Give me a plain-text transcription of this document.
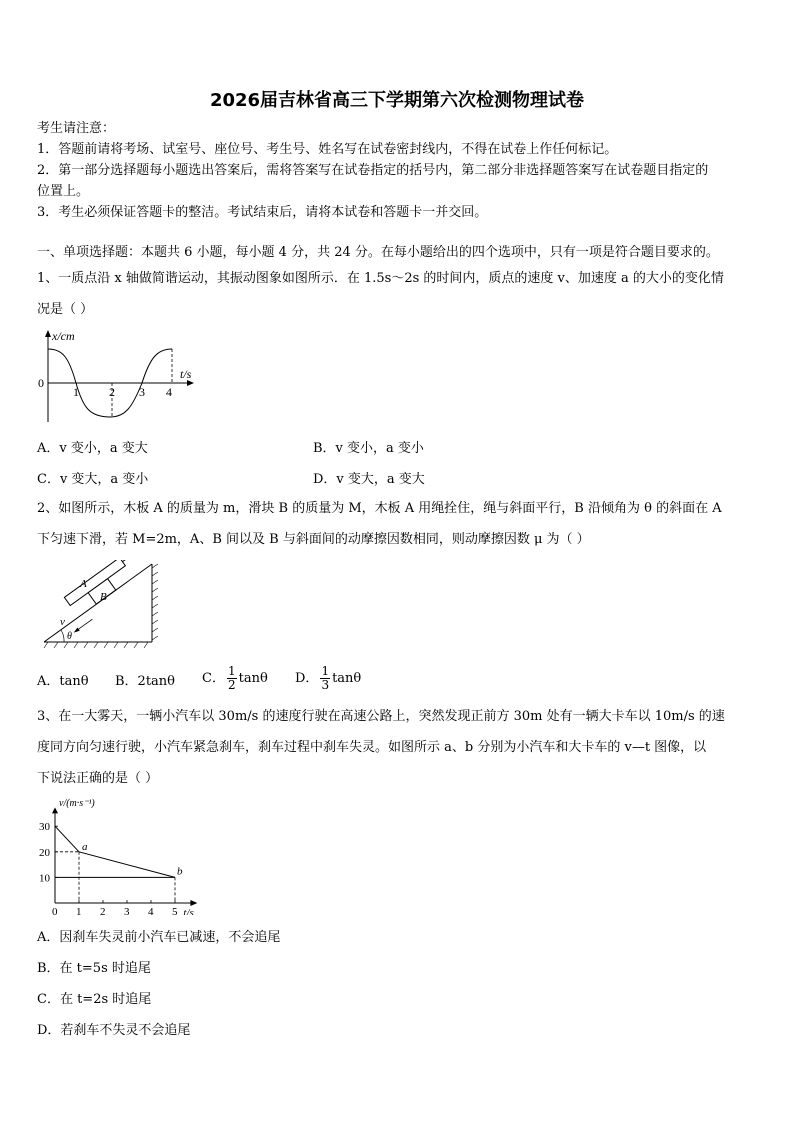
2026届吉林省高三下学期第六次检测物理试卷
考生请注意：
1．答题前请将考场、试室号、座位号、考生号、姓名写在试卷密封线内，不得在试卷上作任何标记。
2．第一部分选择题每小题选出答案后，需将答案写在试卷指定的括号内，第二部分非选择题答案写在试卷题目指定的
位置上。
3．考生必须保证答题卡的整洁。考试结束后，请将本试卷和答题卡一并交回。
一、单项选择题：本题共 6 小题，每小题 4 分，共 24 分。在每小题给出的四个选项中，只有一项是符合题目要求的。
1、一质点沿 x 轴做简谐运动，其振动图象如图所示．在 1.5s～2s 的时间内，质点的速度 v、加速度 a 的大小的变化情
况是（ ）
x/cm
t/s
0
1	2 3 4
A．v 变小，a 变大	B．v 变小，a 变小
C．v 变大，a 变小	D．v 变大，a 变大
2、如图所示，木板 A 的质量为 m，滑块 B 的质量为 M，木板 A 用绳拴住，绳与斜面平行，B 沿倾角为 θ 的斜面在 A
下匀速下滑，若 M=2m，A、B 间以及 B 与斜面间的动摩擦因数相同，则动摩擦因数 μ 为（ ）
B
A
v
θ
A．tanθ B．2tanθ C． $\frac{1}{2}$ tanθ D． $\frac{1}{3}$ tanθ
3、在一大雾天，一辆小汽车以 30m/s 的速度行驶在高速公路上，突然发现正前方 30m 处有一辆大卡车以 10m/s 的速
度同方向匀速行驶，小汽车紧急刹车，刹车过程中刹车失灵。如图所示 a、b 分别为小汽车和大卡车的 v—t 图像，以
下说法正确的是（ ）
0 1 2 3 4 5
10
20
30
a
b
v/(m·s⁻¹)
t/s
A．因刹车失灵前小汽车已减速，不会追尾
B．在 t=5s 时追尾
C．在 t=2s 时追尾
D．若刹车不失灵不会追尾
